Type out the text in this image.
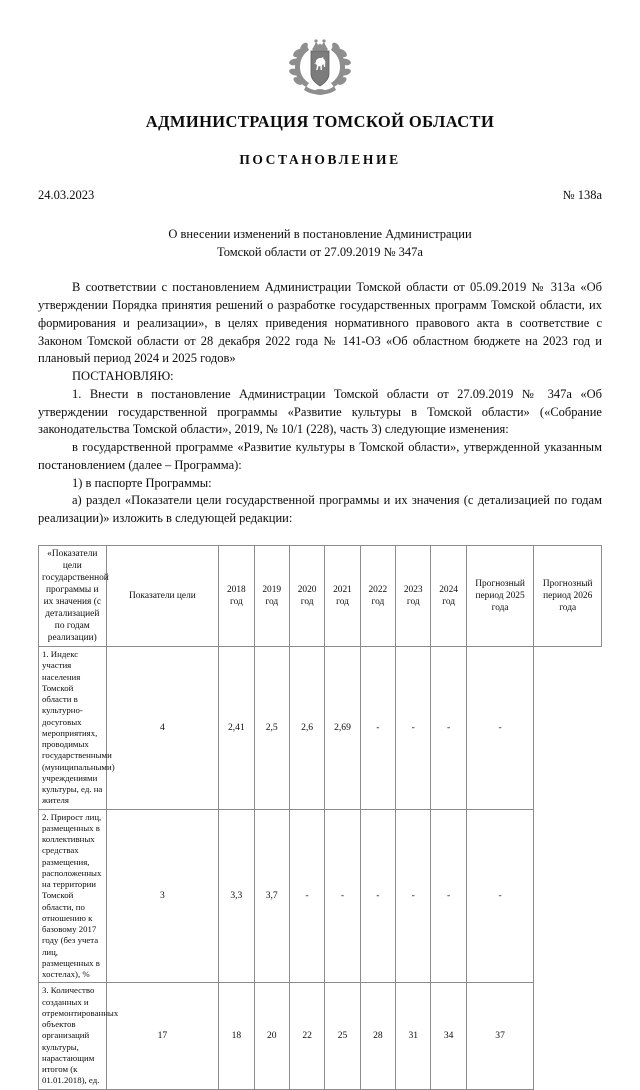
АДМИНИСТРАЦИЯ ТОМСКОЙ ОБЛАСТИ
ПОСТАНОВЛЕНИЕ
24.03.2023	№ 138а
О внесении изменений в постановление Администрации
Томской области от 27.09.2019 № 347а

В соответствии с постановлением Администрации Томской области от 05.09.2019 № 313а «Об утверждении Порядка принятия решений о разработке государственных программ Томской области, их формирования и реализации», в целях приведения нормативного правового акта в соответствие с Законом Томской области от 28 декабря 2022 года № 141-ОЗ «Об областном бюджете на 2023 год и плановый период 2024 и 2025 годов»

ПОСТАНОВЛЯЮ:

1. Внести в постановление Администрации Томской области от 27.09.2019 № 347а «Об утверждении государственной программы «Развитие культуры в Томской области» («Собрание законодательства Томской области», 2019, № 10/1 (228), часть 3) следующие изменения:

в государственной программе «Развитие культуры в Томской области», утвержденной указанным постановлением (далее – Программа):

1) в паспорте Программы:

а) раздел «Показатели цели государственной программы и их значения (с детализацией по годам реализации)» изложить в следующей редакции:

«Показатели цели государственной программы и их значения (с детализацией по годам реализации)	Показатели цели	2018 год	2019 год	2020 год	2021 год	2022 год	2023 год	2024 год	Прогнозный период 2025 года	Прогнозный период 2026 года
1. Индекс участия населения Томской области в культурно-досуговых мероприятиях, проводимых государственными (муниципальными) учреждениями культуры, ед. на жителя	4	2,41	2,5	2,6	2,69	-	-	-	-	
2. Прирост лиц, размещенных в коллективных средствах размещения, расположенных на территории Томской области, по отношению к базовому 2017 году (без учета лиц, размещенных в хостелах), %	3	3,3	3,7	-	-	-	-	-	-	
3. Количество созданных и отремонтированных объектов организаций культуры, нарастающим итогом (к 01.01.2018), ед.	17	18	20	22	25	28	31	34	37	
